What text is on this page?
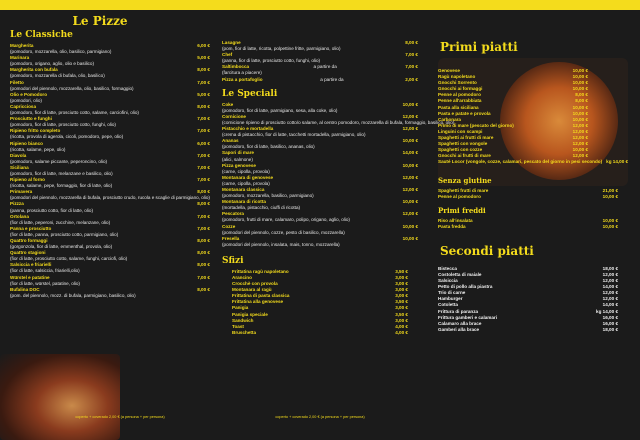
Le Pizze
Le Classiche
Margherita	6,00 €
(pomodoro, mozzarella, olio, basilico, parmigiano)
Marinara	5,00 €
(pomodoro, origano, aglio, olio e basilico)
Margherita con bufala	8,00 €
(pomodoro, mozzarella di bufala, olio, basilico)
Filetto	7,00 €
(pomodori del piennolo, mozzarella, olio, basilico, formaggio)
Olio e Pomodoro	5,00 €
(pomodori, olio)
Capricciosa	8,00 €
(pomodoro, fior di latte, prosciutto cotto, salame, carciofini, olio)
Prosciutto e funghi	7,00 €
(pomodoro, fior di latte, prosciutto cotto, funghi, olio)
Ripieno fritto completo	7,00 €
(ricotta, provola di agerola, cicoli, pomodoro, pepe, olio)
Ripieno bianco	6,00 €
(ricotta, salame, pepe, olio)
Diavola	7,00 €
(pomodoro, salame piccante, peperoncino, olio)
Siciliana	7,00 €
(pomodoro, fior di latte, melanzane e basilico, olio)
Ripieno al forno	7,00 €
(ricotta, salame, pepe, formaggio, fior di latte, olio)
Primavera	8,00 €
(pomodori del piennolo, mozzarella di bufala, prosciutto crudo, rucola e scaglie di parmigiano, olio)
Pizzza	8,00 €
(panna, prosciutto cotto, fior di latte, olio)
Ortolana	7,00 €
(fior di latte, peperoni, zucchine, melanzane, olio)
Panna e prosciutto	7,00 €
(fior di latte, panna, prosciutto cotto, parmigiano, olio)
Quattro formaggi	8,00 €
(gorgonzola, fior di latte, emmenthal, provola, olio)
Quattro stagioni	8,00 €
(fior di latte, prosciutto cotto, salame, funghi, carciofi, olio)
Salsiccia e friarielli	8,00 €
(fior di latte, salsiccia, friarielli,olio)
Würstel e patatine	7,00 €
(fior di latte, würstel, patatine, olio)
Bufalina DOC	8,00 €
(pom. del piennolo, mozz. di bufala, parmigiano, basilico, olio)
coperto + coverado 2,00 € (a persona + per persona)
Lasagne	8,00 €
(pom, fior di latte, ricotta, polpettine fritte, parmigiano, olio)
Chef	7,00 €
(panna, fior di latte, prosciutto cotto, funghi, olio)
Saltimbocca	a partire da	7,00 €
(farcitura a piacere)
Pizza a portafoglio	a partire da	2,00 €
Le Speciali
Coke	10,00 €
(pomodoro, fior di latte, parmigiano, sesa, alla coke, olio)
Cornicione	12,00 €
(cornicione ripieno di prosciutto cotto/o salame, al centro pomodoro, mozzarella di bufala, formaggio, basilico, olio)
Pistacchio e mortadella	12,00 €
(crema di pistacchio, fior di latte, tacchetti mortadella, parmigiano, olio)
Ananas	10,00 €
(pomodoro, fior di latte, basilico, ananas, olio)
Sapori di mare	14,00 €
(alici, salmone)
Pizza genovese	10,00 €
(carne, cipolla, provola)
Montanara di genovese	12,00 €
(carne, cipolla, provola)
Montanara classica	12,00 €
(pomodoro, mozzarella, basilico, parmigiano)
Montanara di ricotta	10,00 €
(mortadella, pistacchio, ciuffi di ricotta)
Pescatora	12,00 €
(pomodoro, frutti di mare, calamaro, polipo, origano, aglio, olio)
Cozze	10,00 €
(pomodori del piennolo, cozze, pesto di basilico, mozzarella)
Fresella	10,00 €
(pomodori del piennolo, insalata, mais, tonno, mozzarella)
Sfizi
Frittatina ragù napoletano	3,50 €
Arancino	3,00 €
Crocchè con provola	3,00 €
Montanara al ragù	3,00 €
Frittatina di pasta classica	3,00 €
Frittatina alla genovese	3,50 €
Panigia	3,00 €
Panigia speciale	3,50 €
Sandwich	3,00 €
Toast	4,00 €
Bruschetta	4,00 €
coperto + coverado 2,00 € (a persona + per persona)
Primi piatti
Genovese	10,00 €
Ragù napoletano	10,00 €
Gnocchi Sorrento	10,00 €
Gnocchi ai formaggi	10,00 €
Penne al pomodoro	8,00 €
Penne all'arrabbiata	8,00 €
Pasta alla siciliana	10,00 €
Pasta e patate e provola	10,00 €
Carbonara	10,00 €
Primo di mare (pescato del giorno)	12,00 €
Linguini con scampi	12,00 €
Spaghetti ai frutti di mare	12,00 €
Spaghetti con vongole	12,00 €
Spaghetti con cozze	10,00 €
Gnocchi ai frutti di mare	12,00 €
Sauté Locor (vongole, cozze, calamari, pescato del giorno in pesi secondo) kg 14,00 €
Senza glutine
Spaghetti frutti di mare	21,00 €
Penne al pomodoro	10,00 €
Primi freddi
Riso all'insalata	10,00 €
Pasta fredda	10,00 €
Secondi piatti
Bistecca	18,00 €
Costoletta di maiale	12,00 €
Salsiccia	12,00 €
Petto di pollo alla piastra	14,00 €
Trio di carne	12,00 €
Hamburger	12,00 €
Cotoletta	14,00 €
Frittura di paranza	kg 14,00 €
Frittura gamberi e calamari	16,00 €
Calamaro alla brace	16,00 €
Gamberi alla brace	18,00 €
